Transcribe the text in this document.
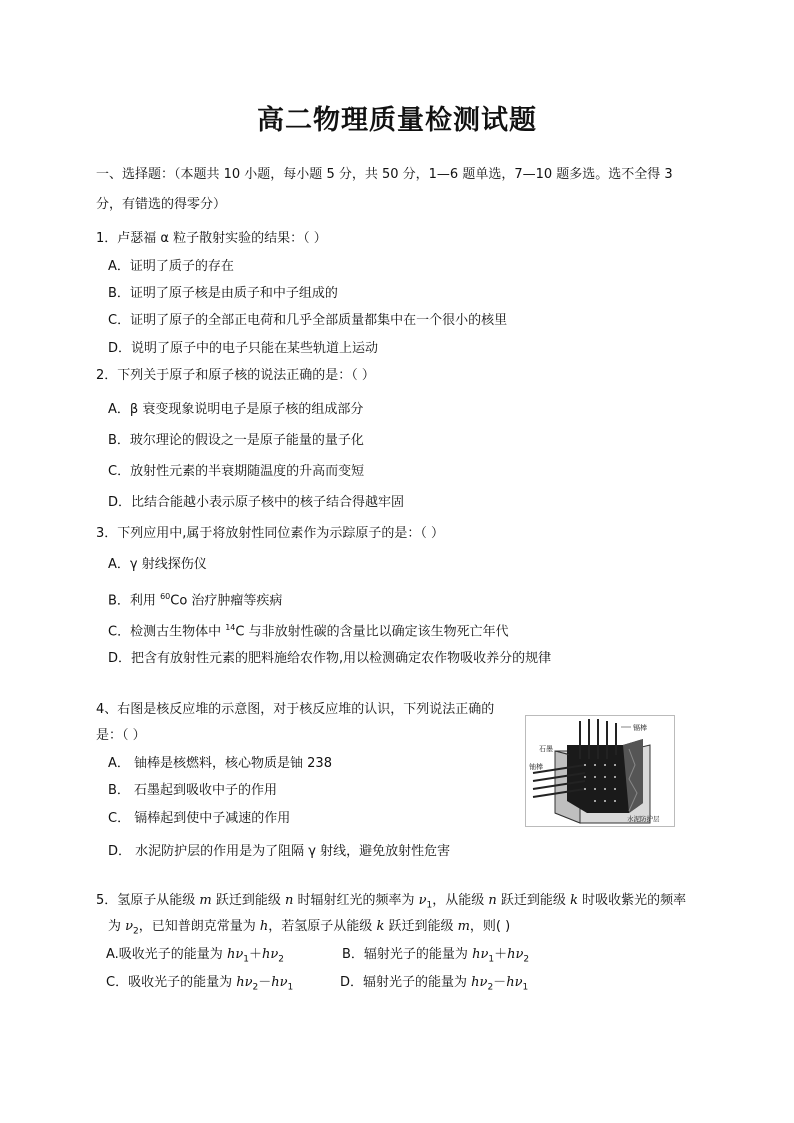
高二物理质量检测试题
一、选择题：（本题共 10 小题，每小题 5 分，共 50 分，1—6 题单选，7—10 题多选。选不全得 3
分，有错选的得零分）
1．卢瑟福 α 粒子散射实验的结果：（ ）
A．证明了质子的存在
B．证明了原子核是由质子和中子组成的
C．证明了原子的全部正电荷和几乎全部质量都集中在一个很小的核里
D．说明了原子中的电子只能在某些轨道上运动
2．下列关于原子和原子核的说法正确的是：（ ）
A．β 衰变现象说明电子是原子核的组成部分
B．玻尔理论的假设之一是原子能量的量子化
C．放射性元素的半衰期随温度的升高而变短
D．比结合能越小表示原子核中的核子结合得越牢固
3．下列应用中,属于将放射性同位素作为示踪原子的是：（ ）
A．γ 射线探伤仪
B．利用 $^{60}$Co 治疗肿瘤等疾病
C．检测古生物体中 $^{14}$C 与非放射性碳的含量比以确定该生物死亡年代
D．把含有放射性元素的肥料施给农作物,用以检测确定农作物吸收养分的规律
4、右图是核反应堆的示意图，对于核反应堆的认识，下列说法正确的
是：（ ）
A． 铀棒是核燃料，核心物质是铀 238
B． 石墨起到吸收中子的作用
C． 镉棒起到使中子减速的作用
D． 水泥防护层的作用是为了阻隔 γ 射线，避免放射性危害
镉棒
石墨
铀棒
水泥防护层
5．氢原子从能级 m 跃迁到能级 n 时辐射红光的频率为 $\nu_1$，从能级 n 跃迁到能级 k 时吸收紫光的频率
为 $\nu_2$，已知普朗克常量为 h，若氢原子从能级 k 跃迁到能级 m，则( )
A.吸收光子的能量为 $h\nu_1+h\nu_2$	B．辐射光子的能量为 $h\nu_1+h\nu_2$
C．吸收光子的能量为 $h\nu_2-h\nu_1$	D．辐射光子的能量为 $h\nu_2-h\nu_1$
